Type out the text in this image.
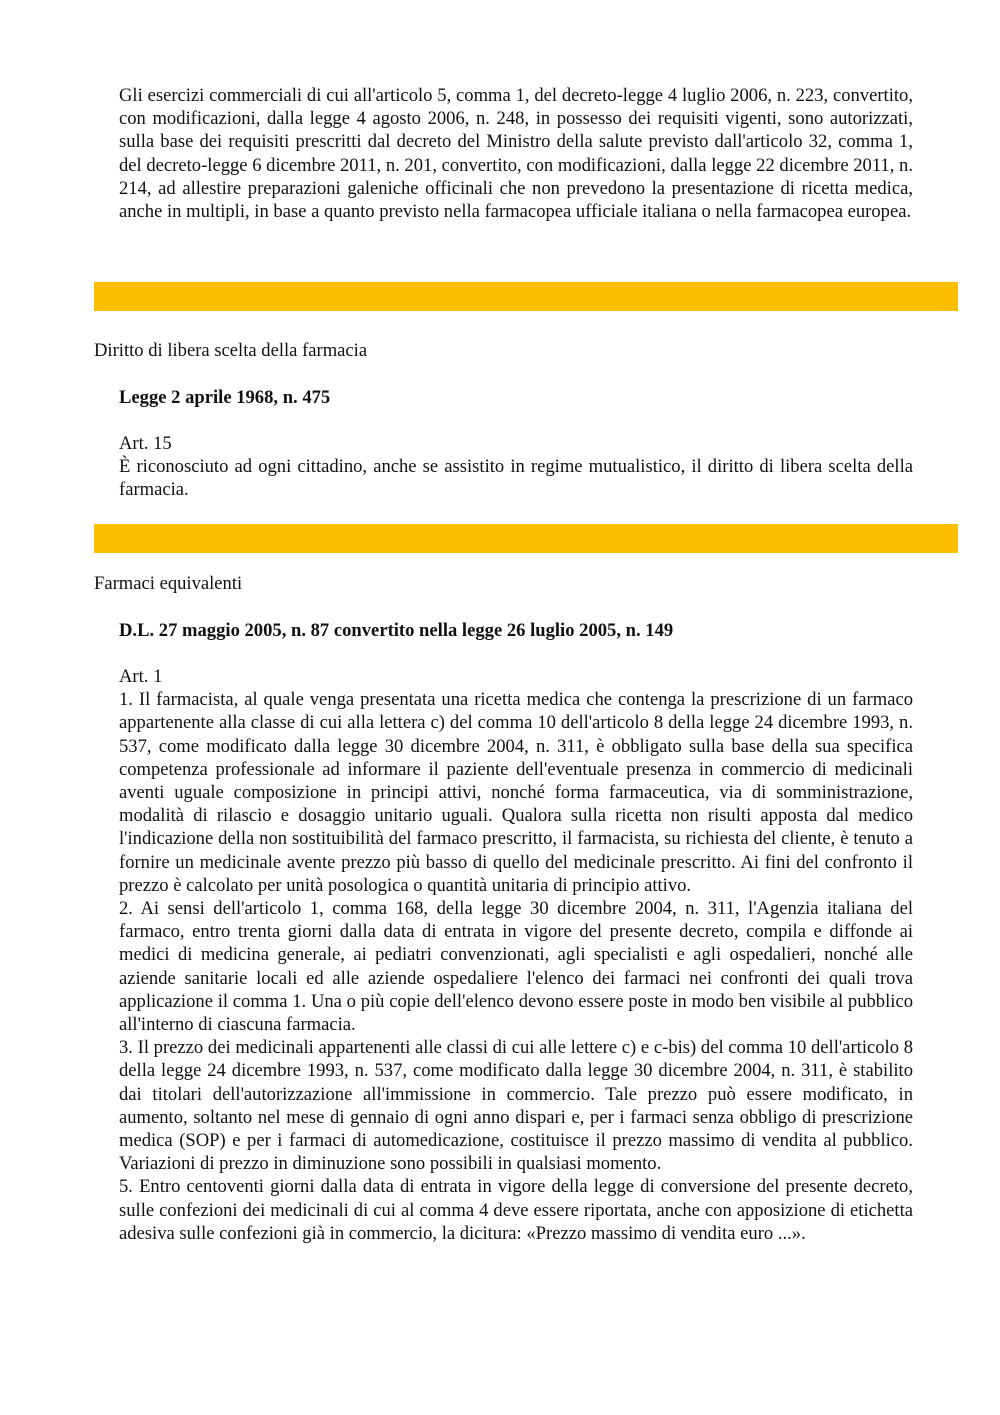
Gli esercizi commerciali di cui all'articolo 5, comma 1, del decreto-legge 4 luglio 2006, n. 223, convertito, con modificazioni, dalla legge 4 agosto 2006, n. 248, in possesso dei requisiti vigenti, sono autorizzati, sulla base dei requisiti prescritti dal decreto del Ministro della salute previsto dall'articolo 32, comma 1, del decreto-legge 6 dicembre 2011, n. 201, convertito, con modificazioni, dalla legge 22 dicembre 2011, n. 214, ad allestire preparazioni galeniche officinali che non prevedono la presentazione di ricetta medica, anche in multipli, in base a quanto previsto nella farmacopea ufficiale italiana o nella farmacopea europea.

Diritto di libera scelta della farmacia
Legge 2 aprile 1968, n. 475
Art. 15

È riconosciuto ad ogni cittadino, anche se assistito in regime mutualistico, il diritto di libera scelta della farmacia.

Farmaci equivalenti
D.L. 27 maggio 2005, n. 87 convertito nella legge 26 luglio 2005, n. 149
Art. 1

1. Il farmacista, al quale venga presentata una ricetta medica che contenga la prescrizione di un farmaco appartenente alla classe di cui alla lettera c) del comma 10 dell'articolo 8 della legge 24 dicembre 1993, n. 537, come modificato dalla legge 30 dicembre 2004, n. 311, è obbligato sulla base della sua specifica competenza professionale ad informare il paziente dell'eventuale presenza in commercio di medicinali aventi uguale composizione in principi attivi, nonché forma farmaceutica, via di somministrazione, modalità di rilascio e dosaggio unitario uguali. Qualora sulla ricetta non risulti apposta dal medico l'indicazione della non sostituibilità del farmaco prescritto, il farmacista, su richiesta del cliente, è tenuto a fornire un medicinale avente prezzo più basso di quello del medicinale prescritto. Ai fini del confronto il prezzo è calcolato per unità posologica o quantità unitaria di principio attivo.

2. Ai sensi dell'articolo 1, comma 168, della legge 30 dicembre 2004, n. 311, l'Agenzia italiana del farmaco, entro trenta giorni dalla data di entrata in vigore del presente decreto, compila e diffonde ai medici di medicina generale, ai pediatri convenzionati, agli specialisti e agli ospedalieri, nonché alle aziende sanitarie locali ed alle aziende ospedaliere l'elenco dei farmaci nei confronti dei quali trova applicazione il comma 1. Una o più copie dell'elenco devono essere poste in modo ben visibile al pubblico all'interno di ciascuna farmacia.

3. Il prezzo dei medicinali appartenenti alle classi di cui alle lettere c) e c-bis) del comma 10 dell'articolo 8 della legge 24 dicembre 1993, n. 537, come modificato dalla legge 30 dicembre 2004, n. 311, è stabilito dai titolari dell'autorizzazione all'immissione in commercio. Tale prezzo può essere modificato, in aumento, soltanto nel mese di gennaio di ogni anno dispari e, per i farmaci senza obbligo di prescrizione medica (SOP) e per i farmaci di automedicazione, costituisce il prezzo massimo di vendita al pubblico. Variazioni di prezzo in diminuzione sono possibili in qualsiasi momento.

5. Entro centoventi giorni dalla data di entrata in vigore della legge di conversione del presente decreto, sulle confezioni dei medicinali di cui al comma 4 deve essere riportata, anche con apposizione di etichetta adesiva sulle confezioni già in commercio, la dicitura: «Prezzo massimo di vendita euro ...».
